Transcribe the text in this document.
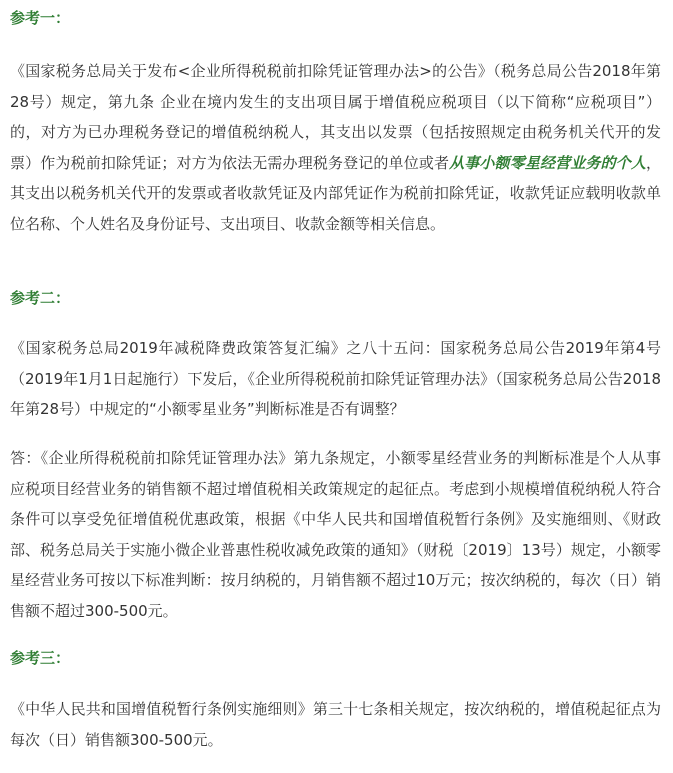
参考一：

《国家税务总局关于发布<企业所得税税前扣除凭证管理办法>的公告》（税务总局公告2018年第28号）规定，第九条 企业在境内发生的支出项目属于增值税应税项目（以下简称“应税项目”）的，对方为已办理税务登记的增值税纳税人，其支出以发票（包括按照规定由税务机关代开的发票）作为税前扣除凭证；对方为依法无需办理税务登记的单位或者从事小额零星经营业务的个人，其支出以税务机关代开的发票或者收款凭证及内部凭证作为税前扣除凭证，收款凭证应载明收款单位名称、个人姓名及身份证号、支出项目、收款金额等相关信息。

参考二：

《国家税务总局2019年减税降费政策答复汇编》之八十五问：国家税务总局公告2019年第4号（2019年1月1日起施行）下发后，《企业所得税税前扣除凭证管理办法》（国家税务总局公告2018年第28号）中规定的“小额零星业务”判断标准是否有调整？

答：《企业所得税税前扣除凭证管理办法》第九条规定，小额零星经营业务的判断标准是个人从事应税项目经营业务的销售额不超过增值税相关政策规定的起征点。考虑到小规模增值税纳税人符合条件可以享受免征增值税优惠政策，根据《中华人民共和国增值税暂行条例》及实施细则、《财政部、税务总局关于实施小微企业普惠性税收减免政策的通知》（财税〔2019〕13号）规定，小额零星经营业务可按以下标准判断：按月纳税的，月销售额不超过10万元；按次纳税的，每次（日）销售额不超过300-500元。

参考三：

《中华人民共和国增值税暂行条例实施细则》第三十七条相关规定，按次纳税的，增值税起征点为每次（日）销售额300-500元。
